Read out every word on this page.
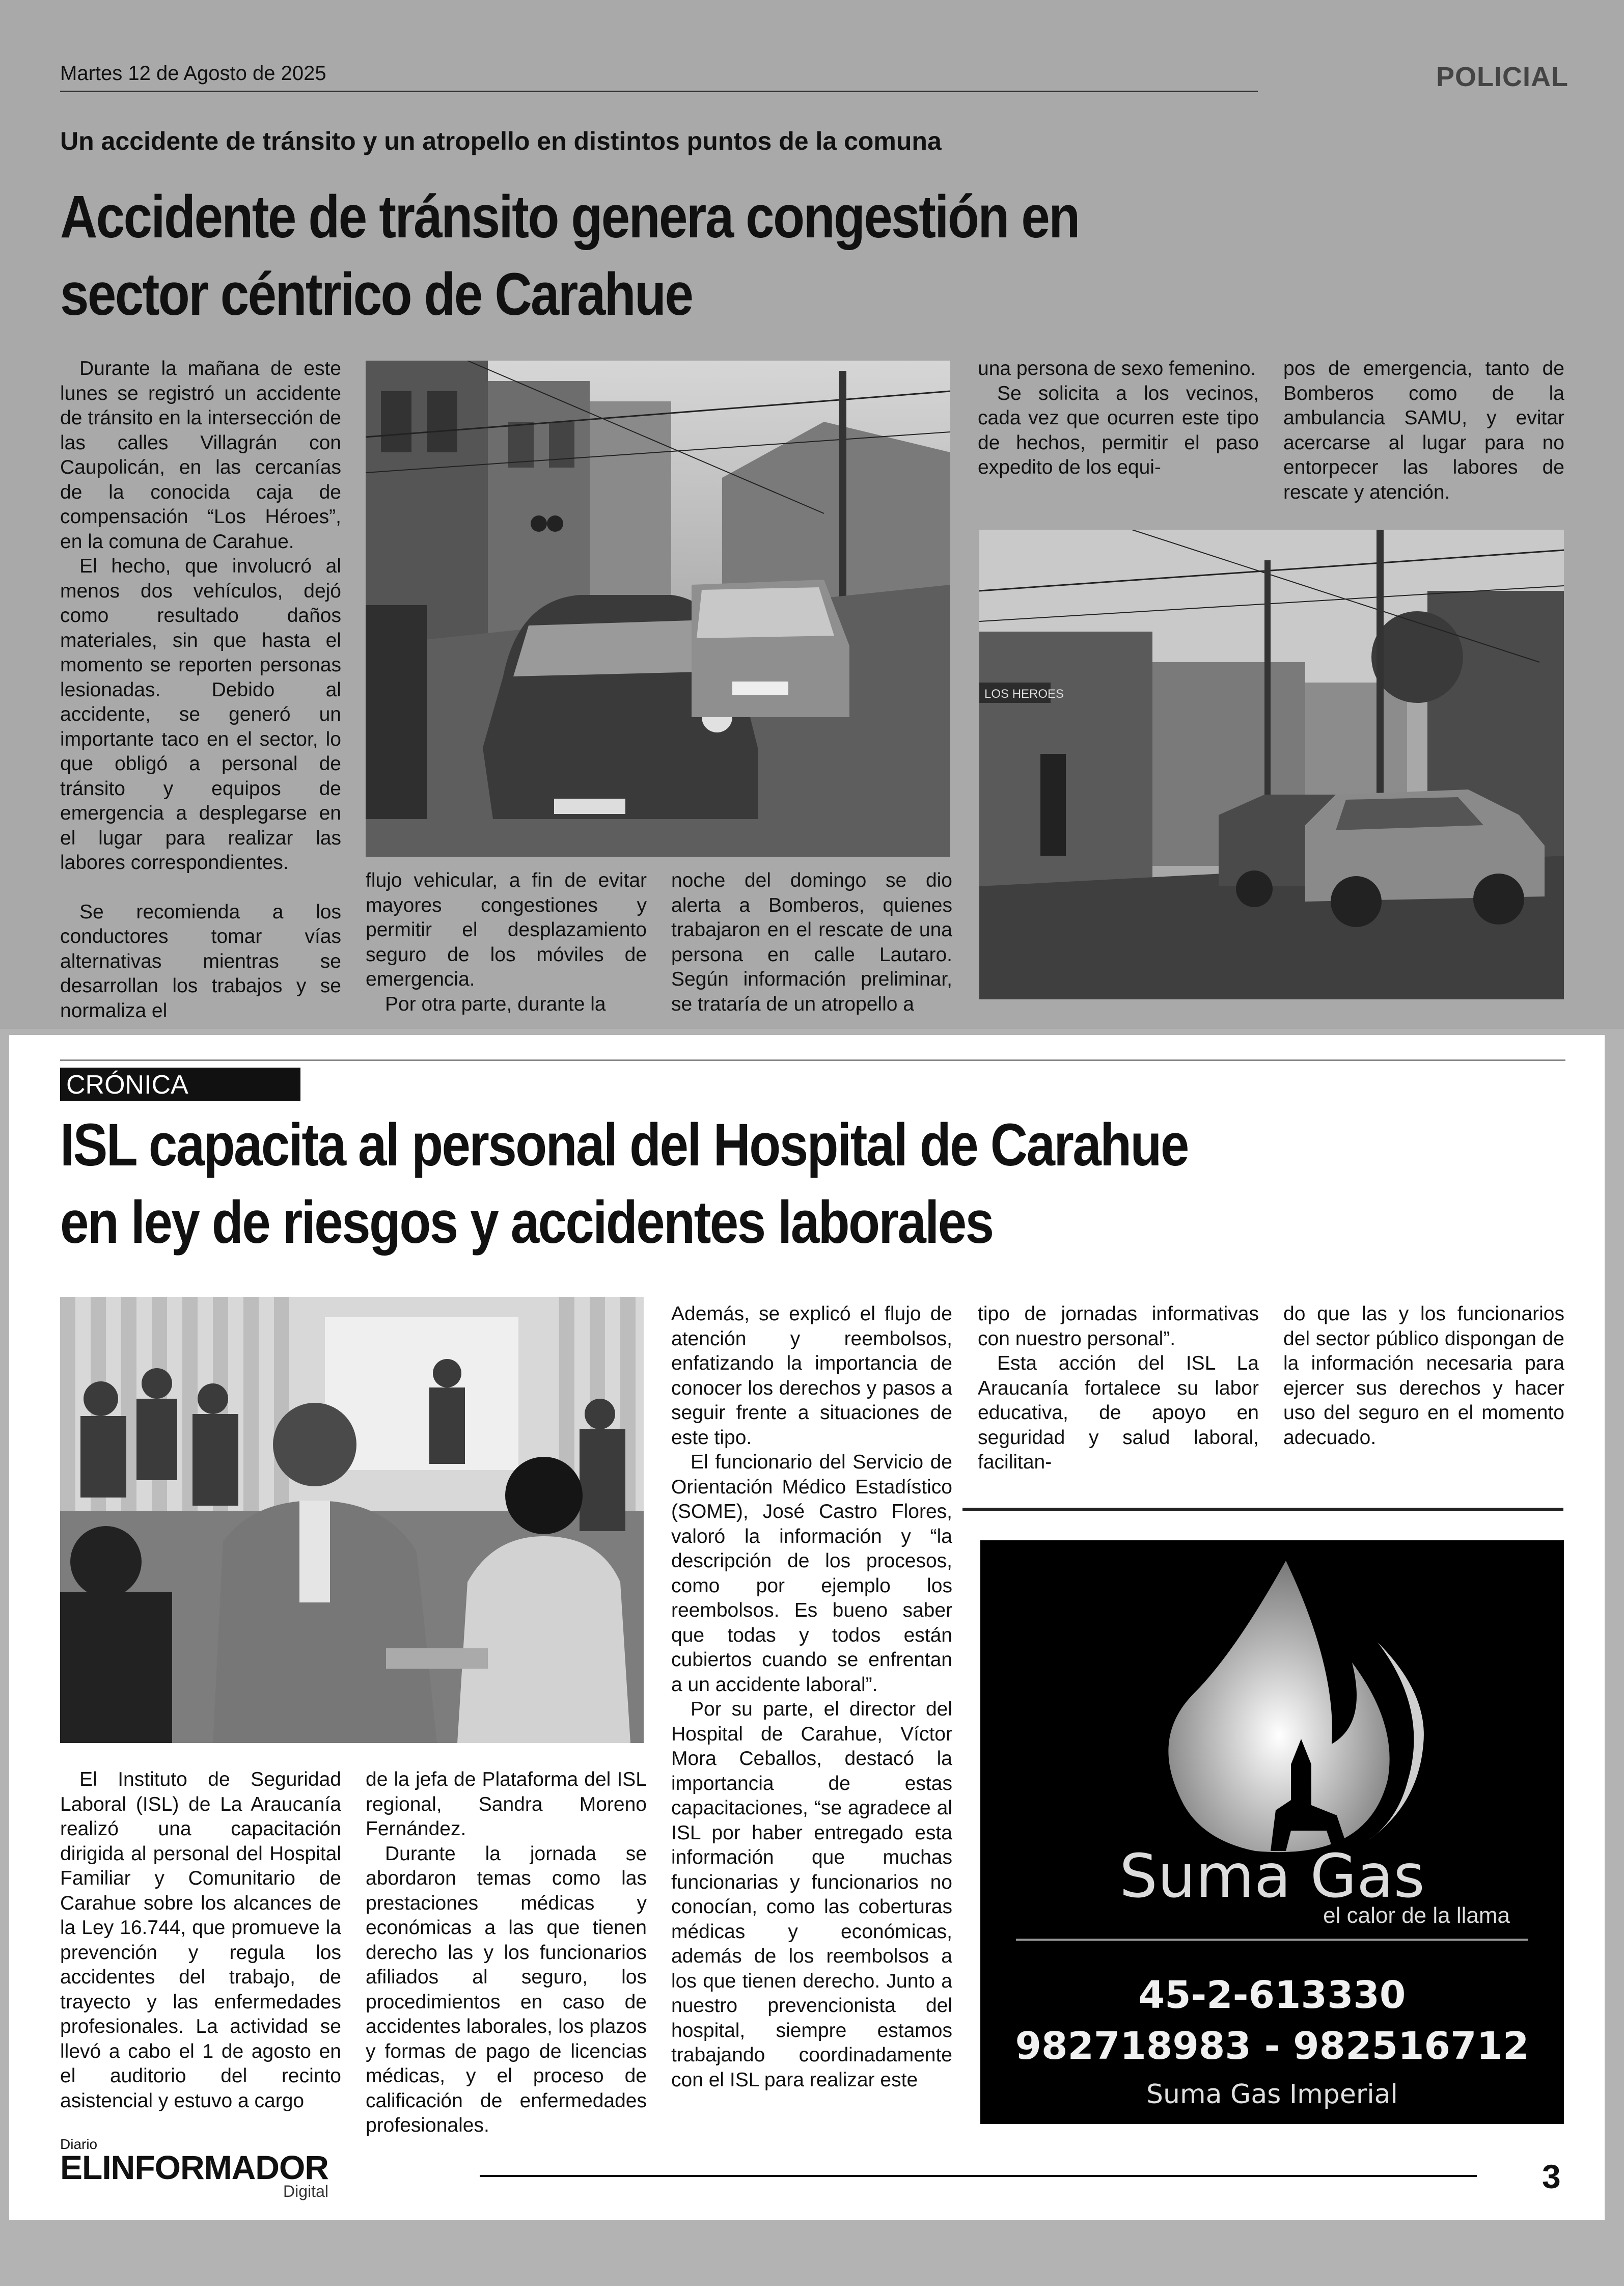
Martes 12 de Agosto de 2025	POLICIAL
Un accidente de tránsito y un atropello en distintos puntos de la comuna
Accidente de tránsito genera congestión en
sector céntrico de Carahue

Durante la mañana de este lunes se registró un accidente de tránsito en la intersección de las calles Villagrán con Caupolicán, en las cercanías de la conocida caja de compensación “Los Héroes”, en la comuna de Carahue.

El hecho, que involucró al menos dos vehículos, dejó como resultado daños materiales, sin que hasta el momento se reporten personas lesionadas. Debido al accidente, se generó un importante taco en el sector, lo que obligó a personal de tránsito y equipos de emergencia a desplegarse en el lugar para realizar las labores correspondientes.

Se recomienda a los conductores tomar vías alternativas mientras se desarrollan los trabajos y se normaliza el

flujo vehicular, a fin de evitar mayores congestiones y permitir el desplazamiento seguro de los móviles de emergencia.

Por otra parte, durante la

noche del domingo se dio alerta a Bomberos, quienes trabajaron en el rescate de una persona en calle Lautaro. Según información preliminar, se trataría de un atropello a

una persona de sexo femenino.

Se solicita a los vecinos, cada vez que ocurren este tipo de hechos, permitir el paso expedito de los equi-

pos de emergencia, tanto de Bomberos como de la ambulancia SAMU, y evitar acercarse al lugar para no entorpecer las labores de rescate y atención.

LOS HEROES
CRÓNICA
ISL capacita al personal del Hospital de Carahue
en ley de riesgos y accidentes laborales

El Instituto de Seguridad Laboral (ISL) de La Araucanía realizó una capacitación dirigida al personal del Hospital Familiar y Comunitario de Carahue sobre los alcances de la Ley 16.744, que promueve la prevención y regula los accidentes del trabajo, de trayecto y las enfermedades profesionales. La actividad se llevó a cabo el 1 de agosto en el auditorio del recinto asistencial y estuvo a cargo

de la jefa de Plataforma del ISL regional, Sandra Moreno Fernández.

Durante la jornada se abordaron temas como las prestaciones médicas y económicas a las que tienen derecho las y los funcionarios afiliados al seguro, los procedimientos en caso de accidentes laborales, los plazos y formas de pago de licencias médicas, y el proceso de calificación de enfermedades profesionales.

Además, se explicó el flujo de atención y reembolsos, enfatizando la importancia de conocer los derechos y pasos a seguir frente a situaciones de este tipo.

El funcionario del Servicio de Orientación Médico Estadístico (SOME), José Castro Flores, valoró la información y “la descripción de los procesos, como por ejemplo los reembolsos. Es bueno saber que todas y todos están cubiertos cuando se enfrentan a un accidente laboral”.

Por su parte, el director del Hospital de Carahue, Víctor Mora Ceballos, destacó la importancia de estas capacitaciones, “se agradece al ISL por haber entregado esta información que muchas funcionarias y funcionarios no conocían, como las coberturas médicas y económicas, además de los reembolsos a los que tienen derecho. Junto a nuestro prevencionista del hospital, siempre estamos trabajando coordinadamente con el ISL para realizar este

tipo de jornadas informativas con nuestro personal”.

Esta acción del ISL La Araucanía fortalece su labor educativa, de apoyo en seguridad y salud laboral, facilitan-

do que las y los funcionarios del sector público dispongan de la información necesaria para ejercer sus derechos y hacer uso del seguro en el momento adecuado.

Suma Gas
el calor de la llama
45-2-613330
982718983 - 982516712
Suma Gas Imperial
Diario
ELINFORMADOR
Digital	3
